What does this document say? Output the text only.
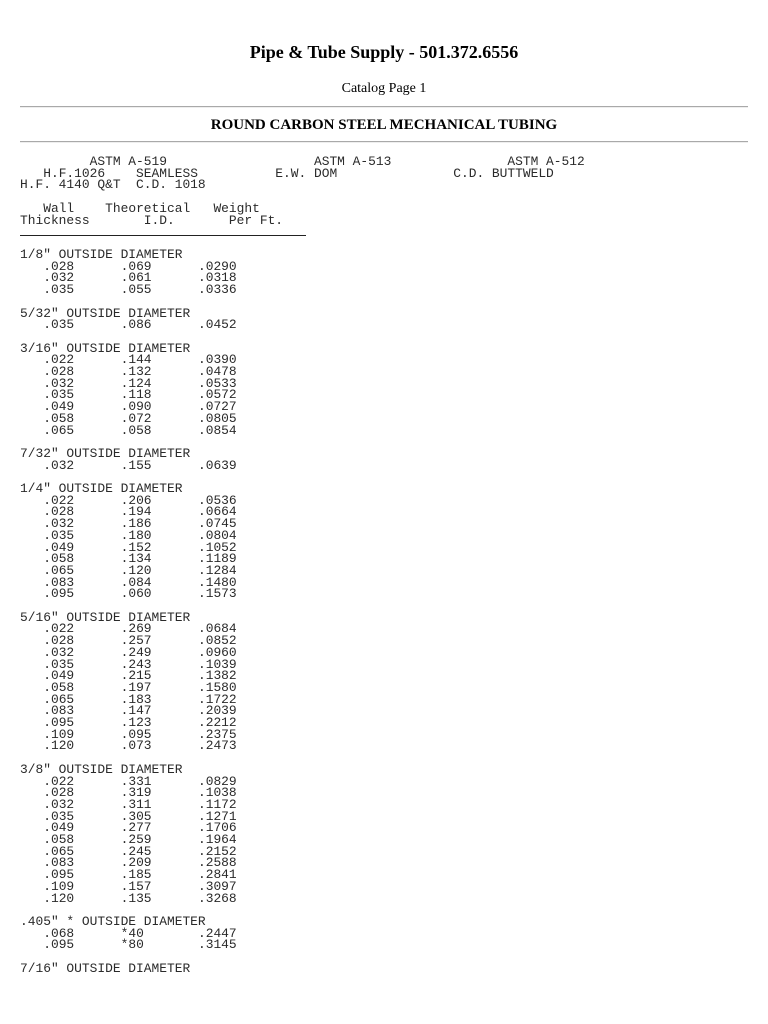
Pipe & Tube Supply - 501.372.6556

Catalog Page 1

ROUND CARBON STEEL MECHANICAL TUBING
ASTM A-519	ASTM A-513	ASTM A-512
H.F.1026    SEAMLESS	E.W. DOM	C.D. BUTTWELD
H.F. 4140 Q&T  C.D. 1018
Wall Theoretical Weight
Thickness	I.D.	Per Ft.
1/8" OUTSIDE DIAMETER
.028	.069	.0290
.032	.061	.0318
.035	.055	.0336
5/32" OUTSIDE DIAMETER
.035	.086	.0452
3/16" OUTSIDE DIAMETER
.022	.144	.0390
.028	.132	.0478
.032	.124	.0533
.035	.118	.0572
.049	.090	.0727
.058	.072	.0805
.065	.058	.0854
7/32" OUTSIDE DIAMETER
.032	.155	.0639
1/4" OUTSIDE DIAMETER
.022	.206	.0536
.028	.194	.0664
.032	.186	.0745
.035	.180	.0804
.049	.152	.1052
.058	.134	.1189
.065	.120	.1284
.083	.084	.1480
.095	.060	.1573
5/16" OUTSIDE DIAMETER
.022	.269	.0684
.028	.257	.0852
.032	.249	.0960
.035	.243	.1039
.049	.215	.1382
.058	.197	.1580
.065	.183	.1722
.083	.147	.2039
.095	.123	.2212
.109	.095	.2375
.120	.073	.2473
3/8" OUTSIDE DIAMETER
.022	.331	.0829
.028	.319	.1038
.032	.311	.1172
.035	.305	.1271
.049	.277	.1706
.058	.259	.1964
.065	.245	.2152
.083	.209	.2588
.095	.185	.2841
.109	.157	.3097
.120	.135	.3268
.405" * OUTSIDE DIAMETER
.068	*40	.2447
.095	*80	.3145
7/16" OUTSIDE DIAMETER
